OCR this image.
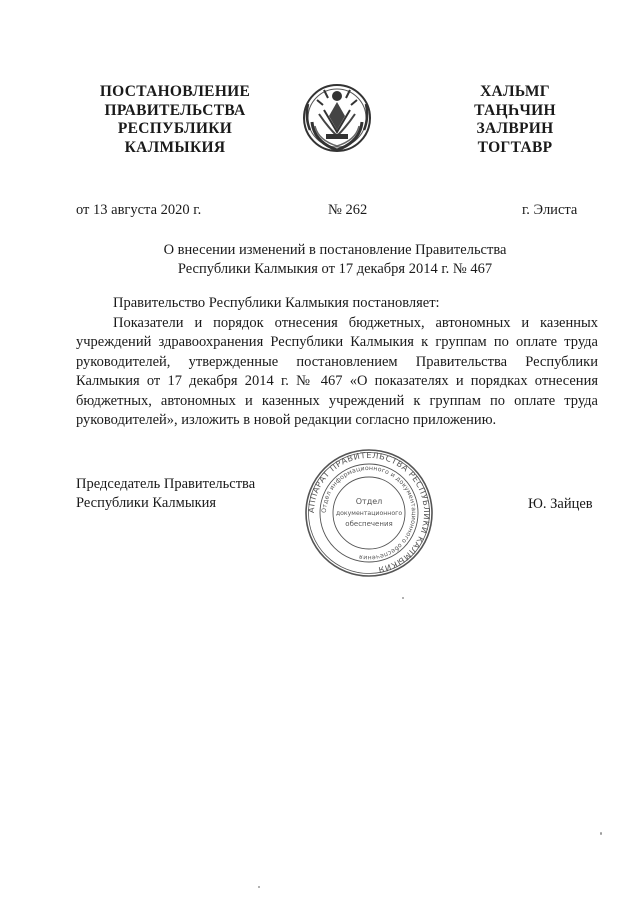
ПОСТАНОВЛЕНИЕ
ПРАВИТЕЛЬСТВА
РЕСПУБЛИКИ
КАЛМЫКИЯ
ХАЛЬМГ
ТАҢҺЧИН
ЗАЛВРИН
ТОГТАВР
от 13 августа 2020 г.	№ 262	г. Элиста
О внесении изменений в постановление Правительства
Республики Калмыкия от 17 декабря 2014 г. № 467

Правительство Республики Калмыкия постановляет:

Показатели и порядок отнесения бюджетных, автономных и казенных учреждений здравоохранения Республики Калмыкия к группам по оплате труда руководителей, утвержденные постановлением Правительства Республики Калмыкия от 17 декабря 2014 г. № 467 «О показателях и порядках отнесения бюджетных, автономных и казенных учреждений к группам по оплате труда руководителей», изложить в новой редакции согласно приложению.

Председатель Правительства
Республики Калмыкия	Ю. Зайцев
АППАРАТ ПРАВИТЕЛЬСТВА РЕСПУБЛИКИ КАЛМЫКИЯ
Отдел информационного и документационного обеспечения
Отдел
документационного
обеспечения
